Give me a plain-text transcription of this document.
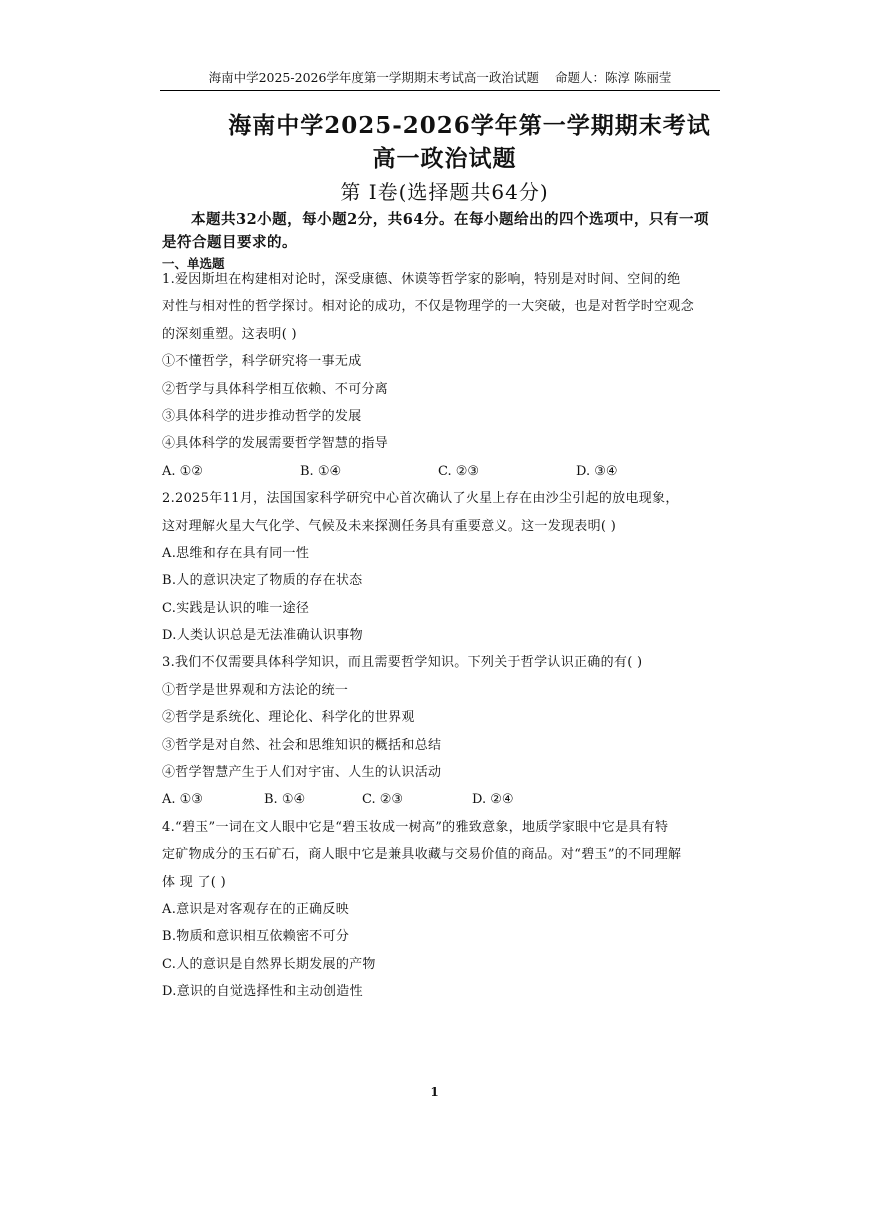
海南中学2025-2026学年度第一学期期末考试高一政治试题 命题人：陈淳 陈丽莹
海南中学2025-2026学年第一学期期末考试
高一政治试题
第 Ⅰ卷(选择题共64分)
本题共32小题，每小题2分，共64分。在每小题给出的四个选项中，只有一项是符合题目要求的。
一、单选题
1.爱因斯坦在构建相对论时，深受康德、休谟等哲学家的影响，特别是对时间、空间的绝
对性与相对性的哲学探讨。相对论的成功，不仅是物理学的一大突破，也是对哲学时空观念
的深刻重塑。这表明( )
①不懂哲学，科学研究将一事无成
②哲学与具体科学相互依赖、不可分离
③具体科学的进步推动哲学的发展
④具体科学的发展需要哲学智慧的指导
A. ①②	B. ①④	C. ②③	D. ③④
2.2025年11月，法国国家科学研究中心首次确认了火星上存在由沙尘引起的放电现象，
这对理解火星大气化学、气候及未来探测任务具有重要意义。这一发现表明( )
A.思维和存在具有同一性
B.人的意识决定了物质的存在状态
C.实践是认识的唯一途径
D.人类认识总是无法准确认识事物
3.我们不仅需要具体科学知识，而且需要哲学知识。下列关于哲学认识正确的有( )
①哲学是世界观和方法论的统一
②哲学是系统化、理论化、科学化的世界观
③哲学是对自然、社会和思维知识的概括和总结
④哲学智慧产生于人们对宇宙、人生的认识活动
A. ①③	B. ①④	C. ②③	D. ②④
4.“碧玉”一词在文人眼中它是“碧玉妆成一树高”的雅致意象，地质学家眼中它是具有特
定矿物成分的玉石矿石，商人眼中它是兼具收藏与交易价值的商品。对“碧玉”的不同理解
体 现 了( )
A.意识是对客观存在的正确反映
B.物质和意识相互依赖密不可分
C.人的意识是自然界长期发展的产物
D.意识的自觉选择性和主动创造性
1
